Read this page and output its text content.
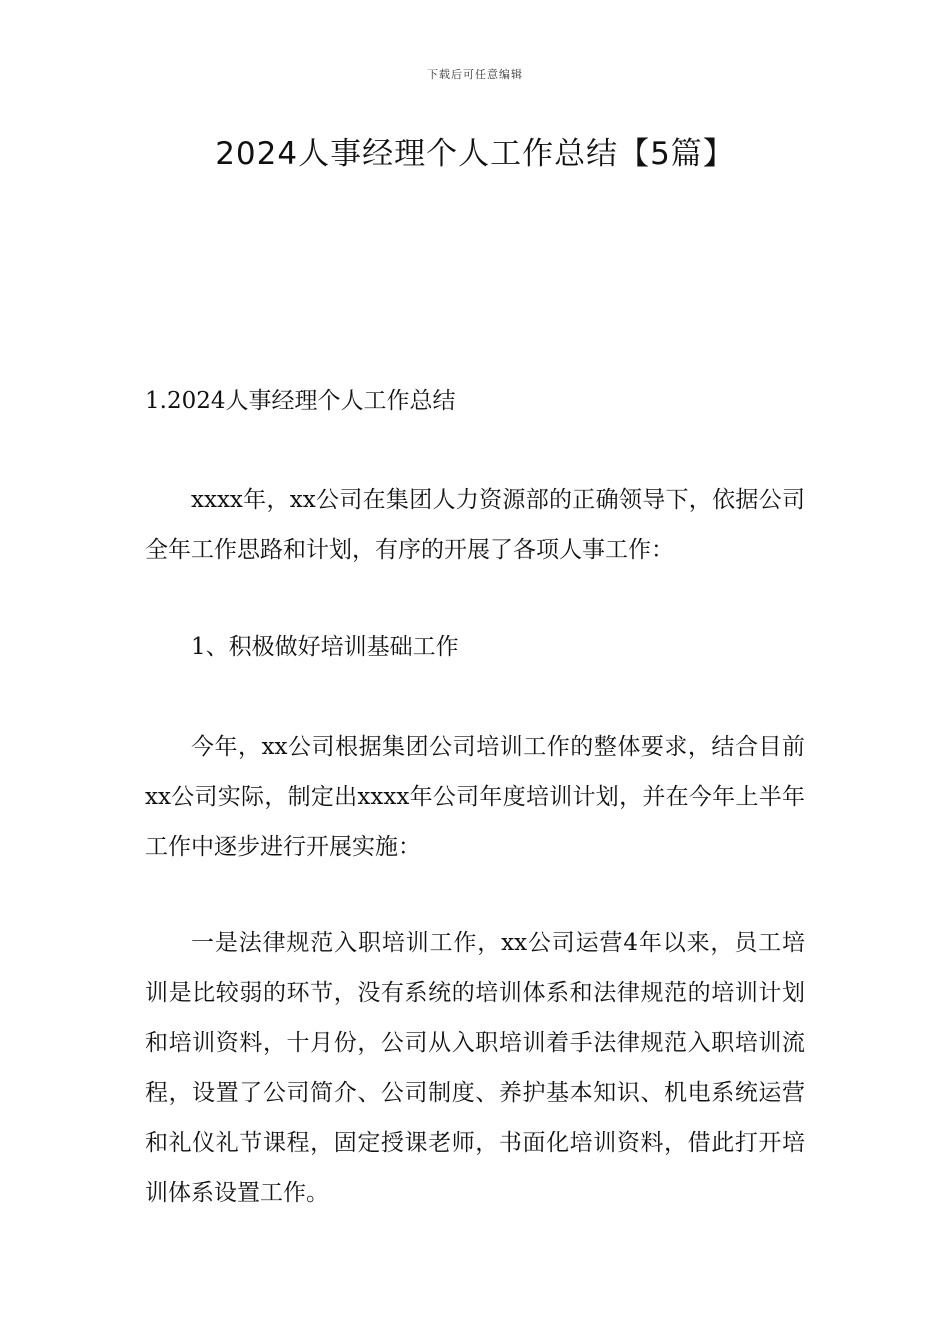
下载后可任意编辑
2024人事经理个人工作总结【5篇】
1.2024人事经理个人工作总结

xxxx年，xx公司在集团人力资源部的正确领导下，依据公司全年工作思路和计划，有序的开展了各项人事工作：

1、积极做好培训基础工作

今年，xx公司根据集团公司培训工作的整体要求，结合目前xx公司实际，制定出xxxx年公司年度培训计划，并在今年上半年工作中逐步进行开展实施：

一是法律规范入职培训工作，xx公司运营4年以来，员工培训是比较弱的环节，没有系统的培训体系和法律规范的培训计划和培训资料，十月份，公司从入职培训着手法律规范入职培训流程，设置了公司简介、公司制度、养护基本知识、机电系统运营和礼仪礼节课程，固定授课老师，书面化培训资料，借此打开培训体系设置工作。
